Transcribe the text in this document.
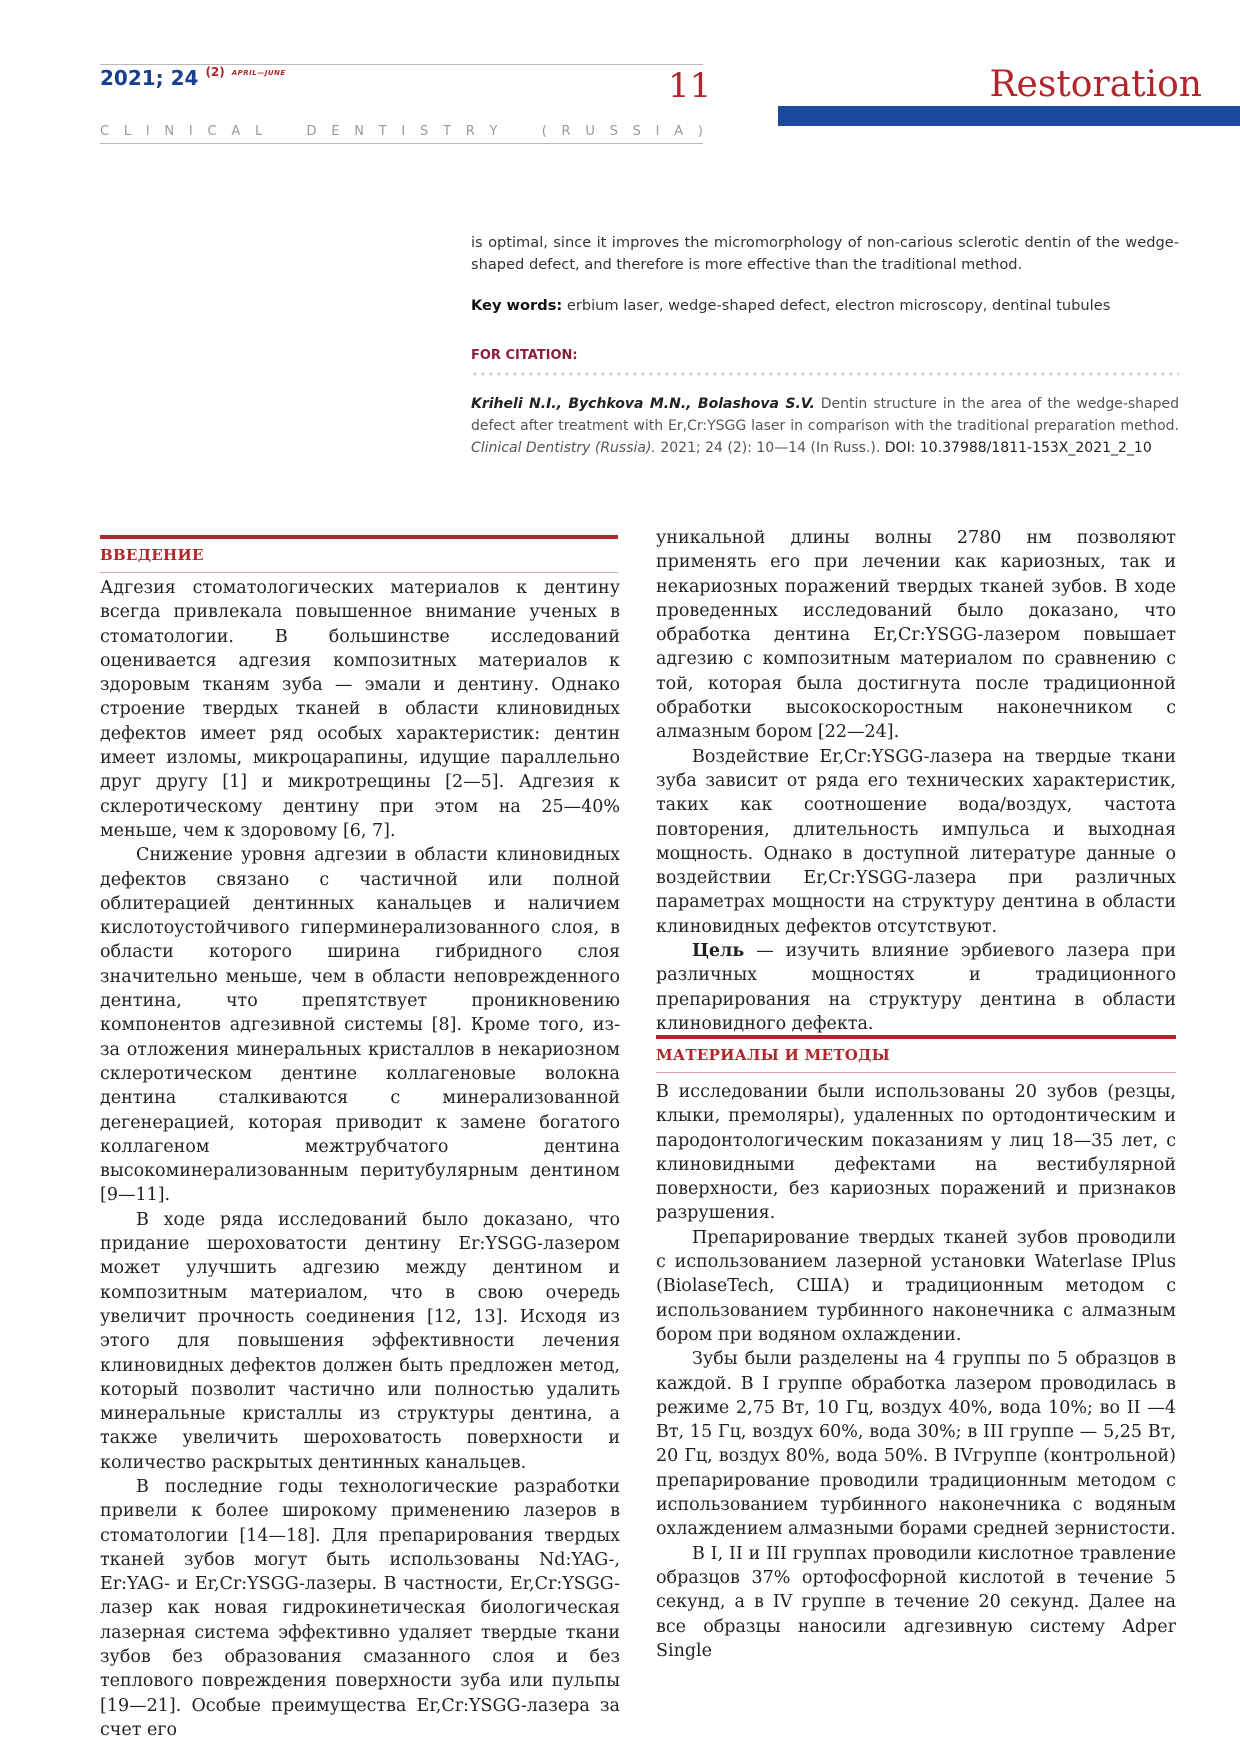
2021; 24 $^{(2)}$ $^{APRIL—JUNE}$	11	Restoration
C L I N I C A L	D E N T I S T R Y	( R U S S I A )
is optimal, since it improves the micromorphology of non-carious sclerotic dentin of the wedge-shaped defect, and therefore is more effective than the traditional method.
Key words: erbium laser, wedge-shaped defect, electron microscopy, dentinal tubules
FOR CITATION:
Kriheli N.I., Bychkova M.N., Bolashova S.V. Dentin structure in the area of the wedge-shaped defect after treatment with Er,Cr:YSGG laser in comparison with the traditional preparation method. Clinical Dentistry (Russia). 2021; 24 (2): 10—14 (In Russ.). DOI: 10.37988/1811-153X_2021_2_10
ВВЕДЕНИЕ

Адгезия стоматологических материалов к дентину всегда привлекала повышенное внимание ученых в стоматологии. В большинстве исследований оценивается адгезия композитных материалов к здоровым тканям зуба — эмали и дентину. Однако строение твердых тканей в области клиновидных дефектов имеет ряд особых характеристик: дентин имеет изломы, микроцарапины, идущие параллельно друг другу [1] и микротрещины [2—5]. Адгезия к склеротическому дентину при этом на 25—40% меньше, чем к здоровому [6, 7].

Снижение уровня адгезии в области клиновидных дефектов связано с частичной или полной облитерацией дентинных канальцев и наличием кислотоустойчивого гиперминерализованного слоя, в области которого ширина гибридного слоя значительно меньше, чем в области неповрежденного дентина, что препятствует проникновению компонентов адгезивной системы [8]. Кроме того, из-за отложения минеральных кристаллов в некариозном склеротическом дентине коллагеновые волокна дентина сталкиваются с минерализованной дегенерацией, которая приводит к замене богатого коллагеном межтрубчатого дентина высокоминерализованным перитубулярным дентином [9—11].

В ходе ряда исследований было доказано, что придание шероховатости дентину Er:YSGG-лазером может улучшить адгезию между дентином и композитным материалом, что в свою очередь увеличит прочность соединения [12, 13]. Исходя из этого для повышения эффективности лечения клиновидных дефектов должен быть предложен метод, который позволит частично или полностью удалить минеральные кристаллы из структуры дентина, а также увеличить шероховатость поверхности и количество раскрытых дентинных канальцев.

В последние годы технологические разработки привели к более широкому применению лазеров в стоматологии [14—18]. Для препарирования твердых тканей зубов могут быть использованы Nd:YAG-, Er:YAG- и Er,Cr:YSGG-лазеры. В частности, Er,Cr:YSGG-лазер как новая гидрокинетическая биологическая лазерная система эффективно удаляет твердые ткани зубов без образования смазанного слоя и без теплового повреждения поверхности зуба или пульпы [19—21]. Особые преимущества Er,Cr:YSGG-лазера за счет его

уникальной длины волны 2780 нм позволяют применять его при лечении как кариозных, так и некариозных поражений твердых тканей зубов. В ходе проведенных исследований было доказано, что обработка дентина Er,Cr:YSGG-лазером повышает адгезию с композитным материалом по сравнению с той, которая была достигнута после традиционной обработки высокоскоростным наконечником с алмазным бором [22—24].

Воздействие Er,Cr:YSGG-лазера на твердые ткани зуба зависит от ряда его технических характеристик, таких как соотношение вода/воздух, частота повторения, длительность импульса и выходная мощность. Однако в доступной литературе данные о воздействии Er,Cr:YSGG-лазера при различных параметрах мощности на структуру дентина в области клиновидных дефектов отсутствуют.

Цель — изучить влияние эрбиевого лазера при различных мощностях и традиционного препарирования на структуру дентина в области клиновидного дефекта.

МАТЕРИАЛЫ И МЕТОДЫ

В исследовании были использованы 20 зубов (резцы, клыки, премоляры), удаленных по ортодонтическим и пародонтологическим показаниям у лиц 18—35 лет, с клиновидными дефектами на вестибулярной поверхности, без кариозных поражений и признаков разрушения.

Препарирование твердых тканей зубов проводили с использованием лазерной установки Waterlase IPlus (BiolaseTech, США) и традиционным методом с использованием турбинного наконечника с алмазным бором при водяном охлаждении.

Зубы были разделены на 4 группы по 5 образцов в каждой. В I группе обработка лазером проводилась в режиме 2,75 Вт, 10 Гц, воздух 40%, вода 10%; во II —4 Вт, 15 Гц, воздух 60%, вода 30%; в III группе — 5,25 Вт, 20 Гц, воздух 80%, вода 50%. В IVгруппе (контрольной) препарирование проводили традиционным методом с использованием турбинного наконечника с водяным охлаждением алмазными борами средней зернистости.

В I, II и III группах проводили кислотное травление образцов 37% ортофосфорной кислотой в течение 5 секунд, а в IV группе в течение 20 секунд. Далее на все образцы наносили адгезивную систему Adper Single
